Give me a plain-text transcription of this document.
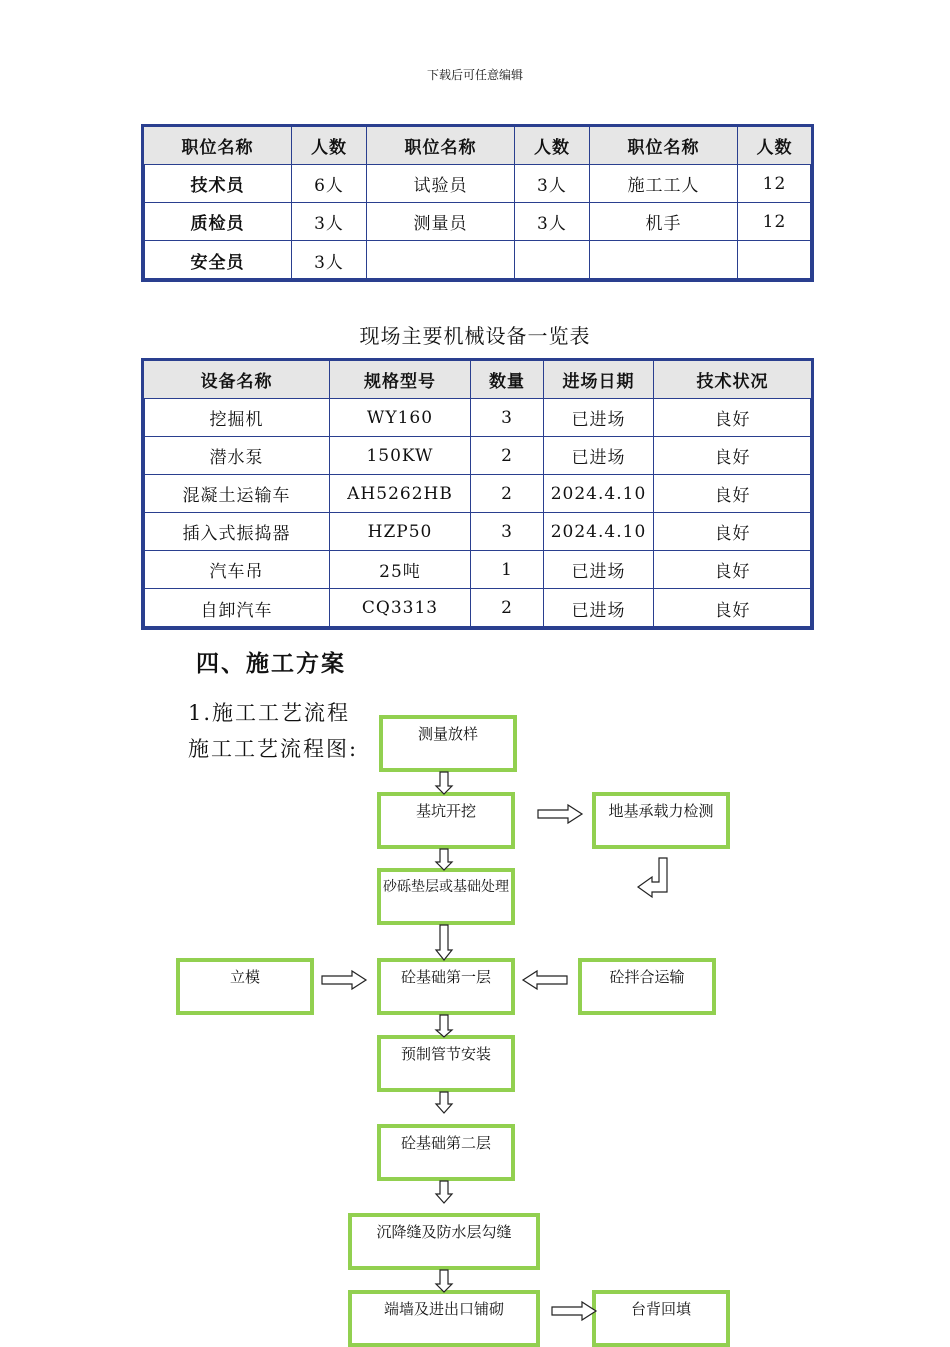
下载后可任意编辑
职位名称	人数	职位名称	人数	职位名称	人数
技术员	6人	试验员	3人	施工工人	12
质检员	3人	测量员	3人	机手	12
安全员	3人				
现场主要机械设备一览表
设备名称	规格型号	数量	进场日期	技术状况
挖掘机	WY160	3	已进场	良好
潜水泵	150KW	2	已进场	良好
混凝土运输车	AH5262HB	2	2024.4.10	良好
插入式振捣器	HZP50	3	2024.4.10	良好
汽车吊	25吨	1	已进场	良好
自卸汽车	CQ3313	2	已进场	良好
四、施工方案
1.施工工艺流程
施工工艺流程图:
测量放样
基坑开挖	地基承载力检测
砂砾垫层或基础处理
立模	砼基础第一层	砼拌合运输
预制管节安装
砼基础第二层
沉降缝及防水层勾缝
端墙及进出口铺砌	台背回填
